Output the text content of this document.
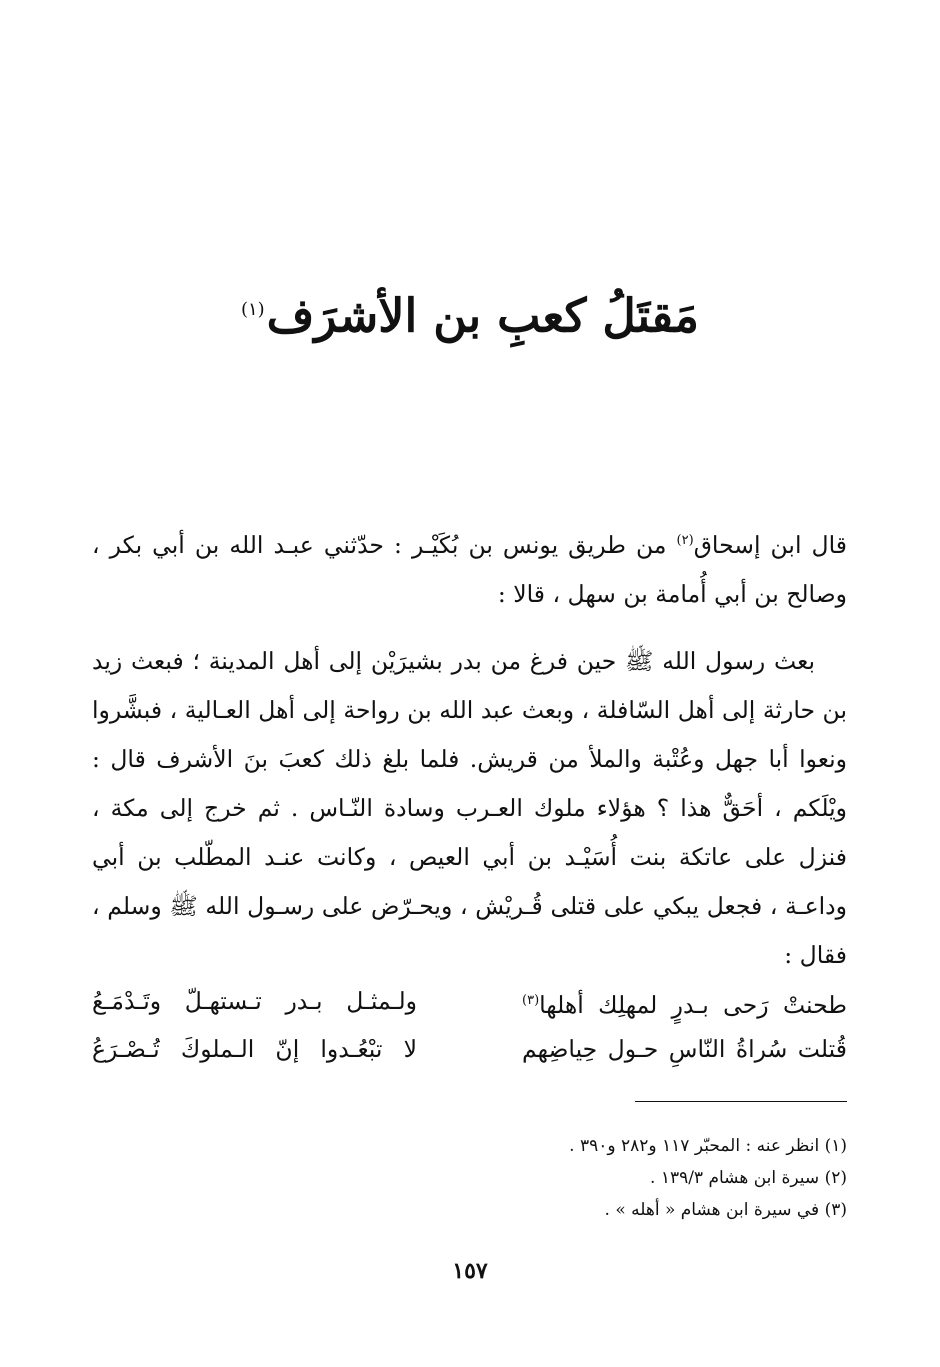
مَقتَلُ كعبِ بن الأشرَف$^{(١)}$

قال ابن إسحاق$^{(٢)}$ من طريق يونس بن بُكَيْـر : حدّثني عبـد الله بن أبي بكر ، وصالح بن أبي أُمامة بن سهل ، قالا :

بعث رسول الله ﷺ حين فرغ من بدر بشيرَيْن إلى أهل المدينة ؛ فبعث زيد بن حارثة إلى أهل السّافلة ، وبعث عبد الله بن رواحة إلى أهل العـالية ، فبشَّروا ونعوا أبا جهل وعُتْبة والملأ من قريش. فلما بلغ ذلك كعبَ بنَ الأشرف قال : ويْلَكم ، أحَقٌّ هذا ؟ هؤلاء ملوك العـرب وسادة النّـاس . ثم خرج إلى مكة ، فنزل على عاتكة بنت أُسَيْـد بن أبي العيص ، وكانت عنـد المطّلب بن أبي وداعـة ، فجعل يبكي على قتلى قُـريْش ، ويحـرّض على رسـول الله ﷺ وسلم ، فقال :

طحنتْ رَحى بـدرٍ لمهلِك أهلها$^{(٣)}$
ولـمثـل بـدر تـستهـلّ وتَـدْمَـعُ
قُتلت سُراةُ النّاسِ حـول حِياضِهم
لا تبْعُـدوا إنّ الـملوكَ تُـصْـرَعُ
(١) انظر عنه : المحبّر ١١٧ و٢٨٢ و٣٩٠ .
(٢) سيرة ابن هشام ١٣٩/٣ .
(٣) في سيرة ابن هشام « أهله » .
١٥٧
